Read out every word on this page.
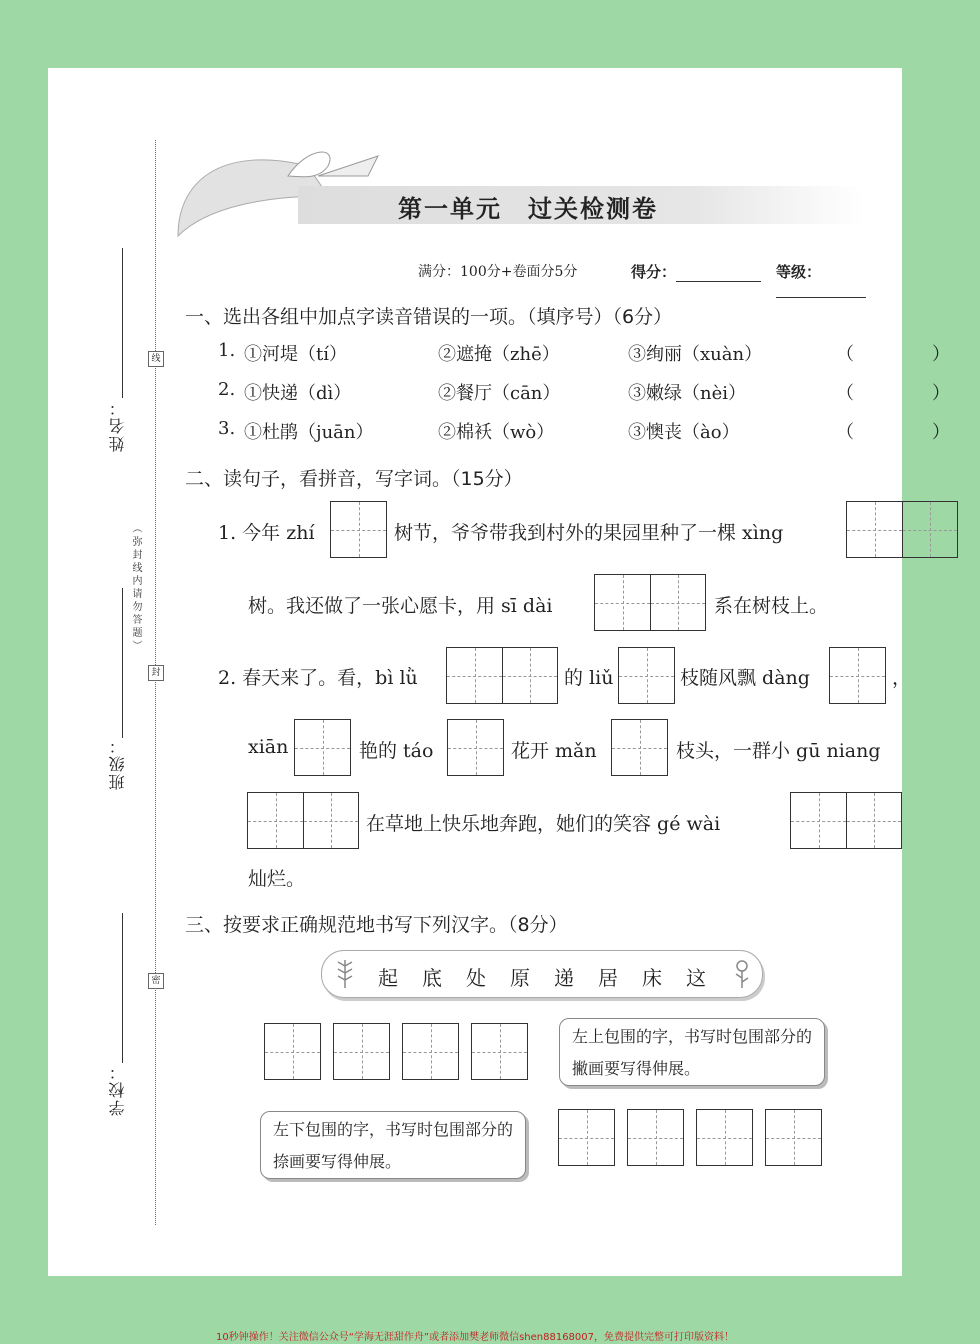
线
封
密
姓名：
班级：
学校：
（弥封线内请勿答题）
第一单元　过关检测卷
满分：100分+卷面分5分	得分：	等级：
一、选出各组中加点字读音错误的一项。（填序号）（6分）
1. ①河堤（tí）	②遮掩（zhē）	③绚丽（xuàn）	（　）
2. ①快递（dì）	②餐厅（cān）	③嫩绿（nèi）	（　）
3. ①杜鹃（juān）	②棉袄（wò）	③懊丧（ào）	（　）
二、读句子，看拼音，写字词。（15分）
1. 今年 zhí	树节，爷爷带我到村外的果园里种了一棵 xìng
树。我还做了一张心愿卡，用 sī dài	系在树枝上。
2. 春天来了。看，bì lǜ	的 liǔ	枝随风飘 dàng	，
xiān	艳的 táo	花开 mǎn	枝头，一群小 gū niang
在草地上快乐地奔跑，她们的笑容 gé wài
灿烂。
三、按要求正确规范地书写下列汉字。（8分）
起底处原递居床这
左上包围的字，书写时包围部分的撇画要写得伸展。
左下包围的字，书写时包围部分的捺画要写得伸展。
10秒钟操作！关注微信公众号“学海无涯甜作舟”或者添加樊老师微信shen88168007，免费提供完整可打印版资料！
